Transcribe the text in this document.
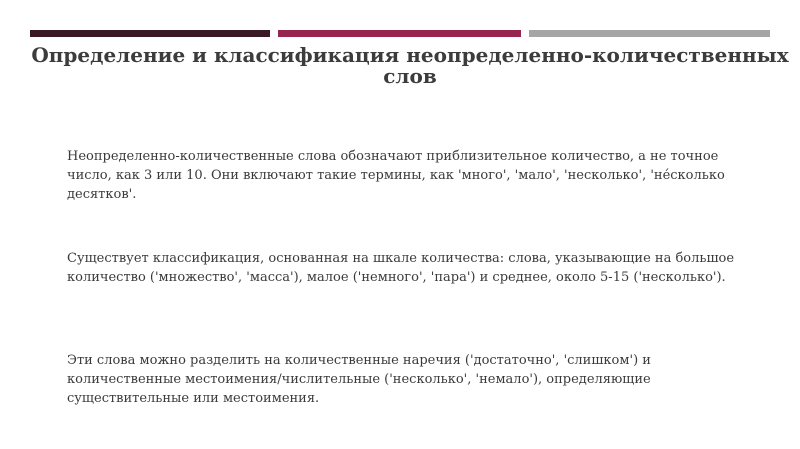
Определение и классификация неопределенно-количественных слов

Неопределенно-количественные слова обозначают приблизительное количество, а не точное число, как 3 или 10. Они включают такие термины, как 'много', 'мало', 'несколько', 'не́сколько десятков'.

Существует классификация, основанная на шкале количества: слова, указывающие на большое количество ('множество', 'масса'), малое ('немного', 'пара') и среднее, около 5-15 ('несколько').

Эти слова можно разделить на количественные наречия ('достаточно', 'слишком') и количественные местоимения/числительные ('несколько', 'немало'), определяющие существительные или местоимения.
